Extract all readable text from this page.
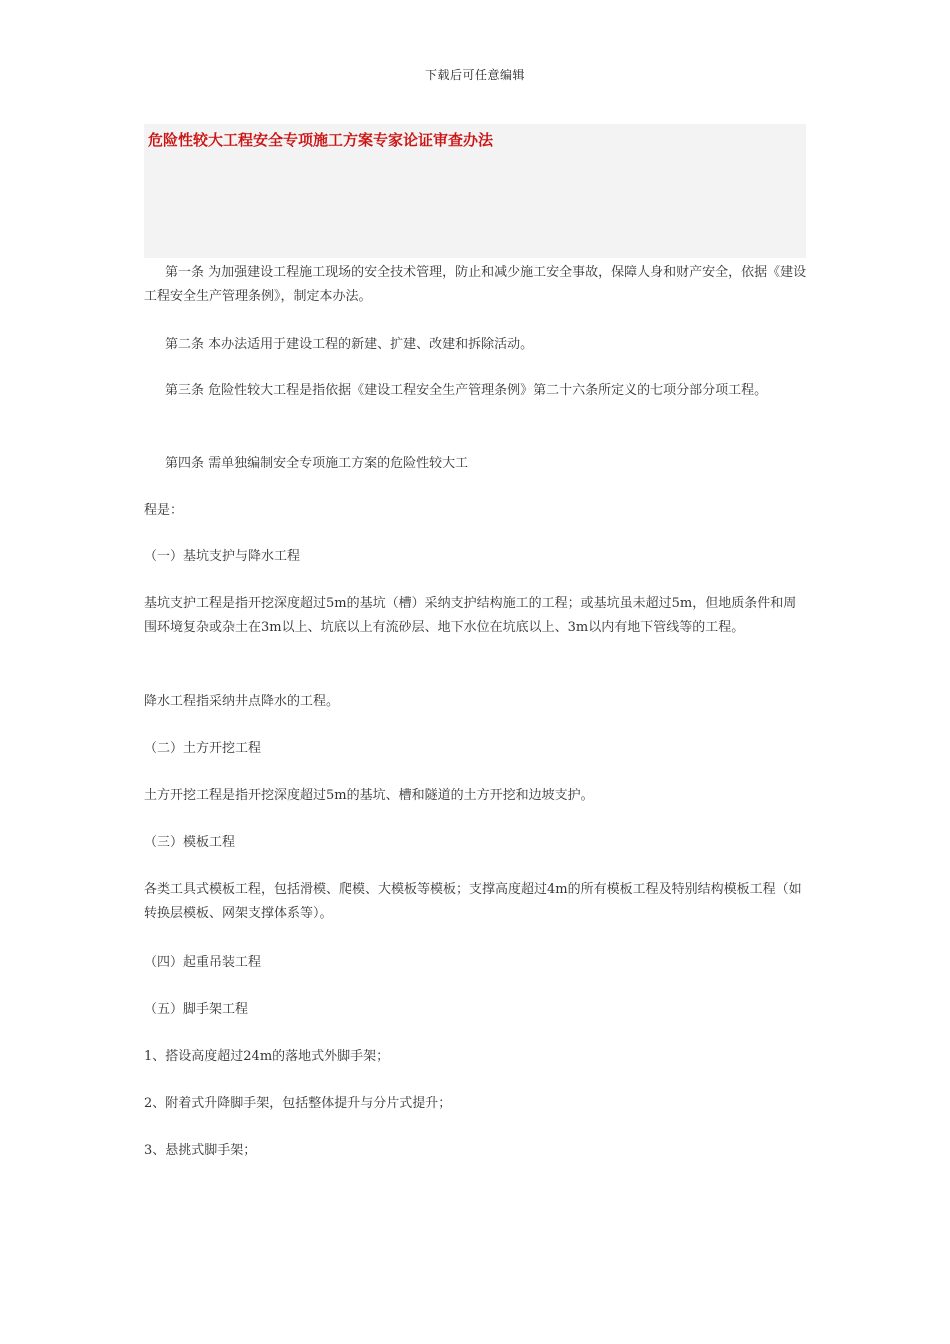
下载后可任意编辑
危险性较大工程安全专项施工方案专家论证审查办法

第一条 为加强建设工程施工现场的安全技术管理，防止和减少施工安全事故，保障人身和财产安全，依据《建设工程安全生产管理条例》，制定本办法。

第二条 本办法适用于建设工程的新建、扩建、改建和拆除活动。

第三条 危险性较大工程是指依据《建设工程安全生产管理条例》第二十六条所定义的七项分部分项工程。

第四条 需单独编制安全专项施工方案的危险性较大工

程是：

（一）基坑支护与降水工程

基坑支护工程是指开挖深度超过5m的基坑（槽）采纳支护结构施工的工程；或基坑虽未超过5m，但地质条件和周围环境复杂或杂土在3m以上、坑底以上有流砂层、地下水位在坑底以上、3m以内有地下管线等的工程。

降水工程指采纳井点降水的工程。

（二）土方开挖工程

土方开挖工程是指开挖深度超过5m的基坑、槽和隧道的土方开挖和边坡支护。

（三）模板工程

各类工具式模板工程，包括滑模、爬模、大模板等模板；支撑高度超过4m的所有模板工程及特别结构模板工程（如转换层模板、网架支撑体系等）。

（四）起重吊装工程

（五）脚手架工程

1、搭设高度超过24m的落地式外脚手架；

2、附着式升降脚手架，包括整体提升与分片式提升；

3、悬挑式脚手架；
